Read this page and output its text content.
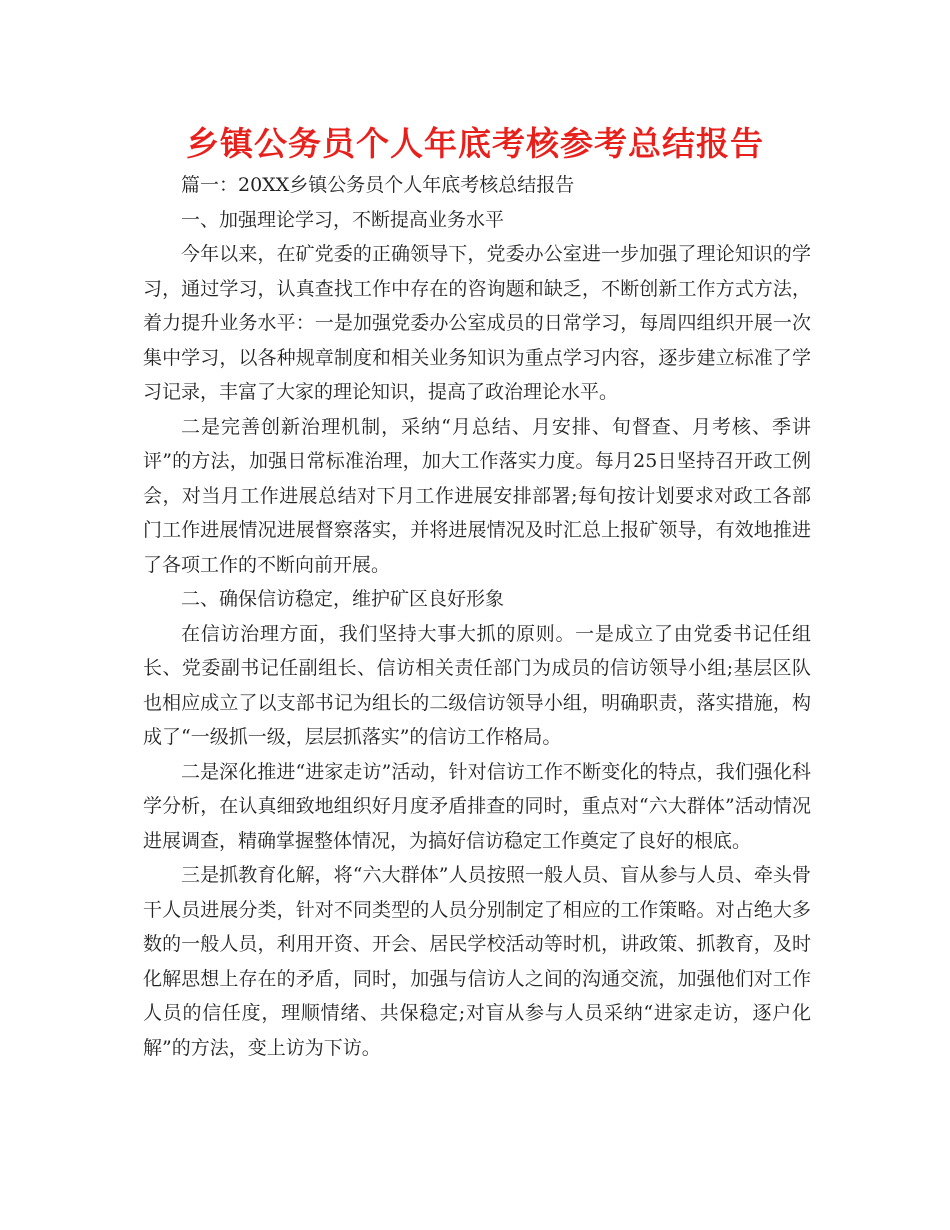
乡镇公务员个人年底考核参考总结报告

篇一：20XX乡镇公务员个人年底考核总结报告

一、加强理论学习，不断提高业务水平

今年以来，在矿党委的正确领导下，党委办公室进一步加强了理论知识的学习，通过学习，认真查找工作中存在的咨询题和缺乏，不断创新工作方式方法，着力提升业务水平：一是加强党委办公室成员的日常学习，每周四组织开展一次集中学习，以各种规章制度和相关业务知识为重点学习内容，逐步建立标准了学习记录，丰富了大家的理论知识，提高了政治理论水平。

二是完善创新治理机制，采纳“月总结、月安排、旬督查、月考核、季讲评”的方法，加强日常标准治理，加大工作落实力度。每月25日坚持召开政工例会，对当月工作进展总结对下月工作进展安排部署;每旬按计划要求对政工各部门工作进展情况进展督察落实，并将进展情况及时汇总上报矿领导，有效地推进了各项工作的不断向前开展。

二、确保信访稳定，维护矿区良好形象

在信访治理方面，我们坚持大事大抓的原则。一是成立了由党委书记任组长、党委副书记任副组长、信访相关责任部门为成员的信访领导小组;基层区队也相应成立了以支部书记为组长的二级信访领导小组，明确职责，落实措施，构成了“一级抓一级，层层抓落实”的信访工作格局。

二是深化推进“进家走访”活动，针对信访工作不断变化的特点，我们强化科学分析，在认真细致地组织好月度矛盾排查的同时，重点对“六大群体”活动情况进展调查，精确掌握整体情况，为搞好信访稳定工作奠定了良好的根底。

三是抓教育化解，将“六大群体”人员按照一般人员、盲从参与人员、牵头骨干人员进展分类，针对不同类型的人员分别制定了相应的工作策略。对占绝大多数的一般人员，利用开资、开会、居民学校活动等时机，讲政策、抓教育，及时化解思想上存在的矛盾，同时，加强与信访人之间的沟通交流，加强他们对工作人员的信任度，理顺情绪、共保稳定;对盲从参与人员采纳“进家走访，逐户化解”的方法，变上访为下访。
